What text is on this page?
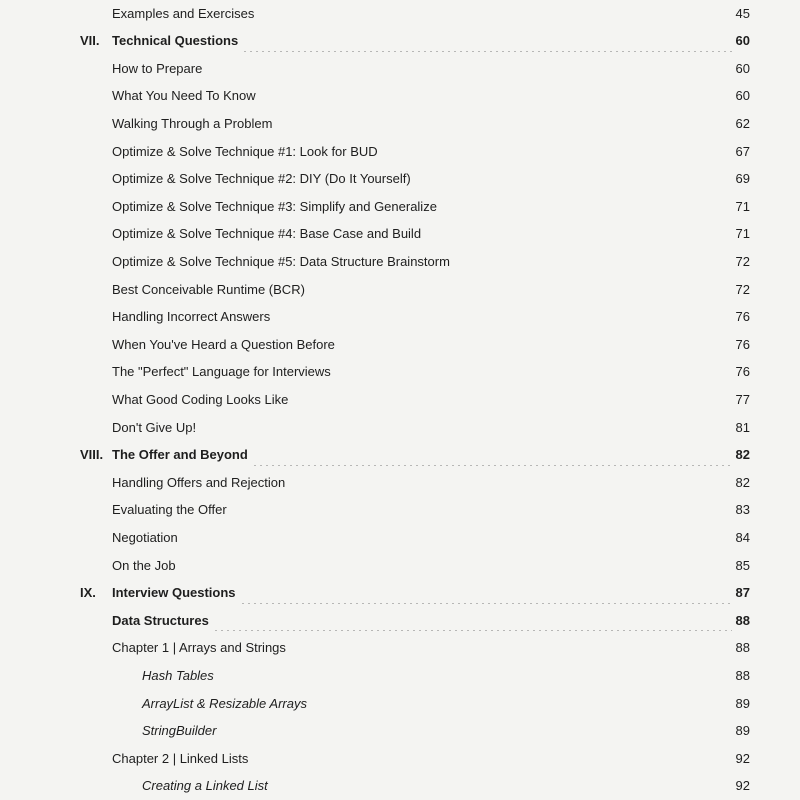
Examples and Exercises	45
VII. Technical Questions	60
How to Prepare	60
What You Need To Know	60
Walking Through a Problem	62
Optimize & Solve Technique #1: Look for BUD	67
Optimize & Solve Technique #2: DIY (Do It Yourself)	69
Optimize & Solve Technique #3: Simplify and Generalize	71
Optimize & Solve Technique #4: Base Case and Build	71
Optimize & Solve Technique #5: Data Structure Brainstorm	72
Best Conceivable Runtime (BCR)	72
Handling Incorrect Answers	76
When You've Heard a Question Before	76
The "Perfect" Language for Interviews	76
What Good Coding Looks Like	77
Don't Give Up!	81
VIII. The Offer and Beyond	82
Handling Offers and Rejection	82
Evaluating the Offer	83
Negotiation	84
On the Job	85
IX.	Interview Questions	87
Data Structures	88
Chapter 1 | Arrays and Strings	88
Hash Tables	88
ArrayList & Resizable Arrays	89
StringBuilder	89
Chapter 2 | Linked Lists	92
Creating a Linked List	92
